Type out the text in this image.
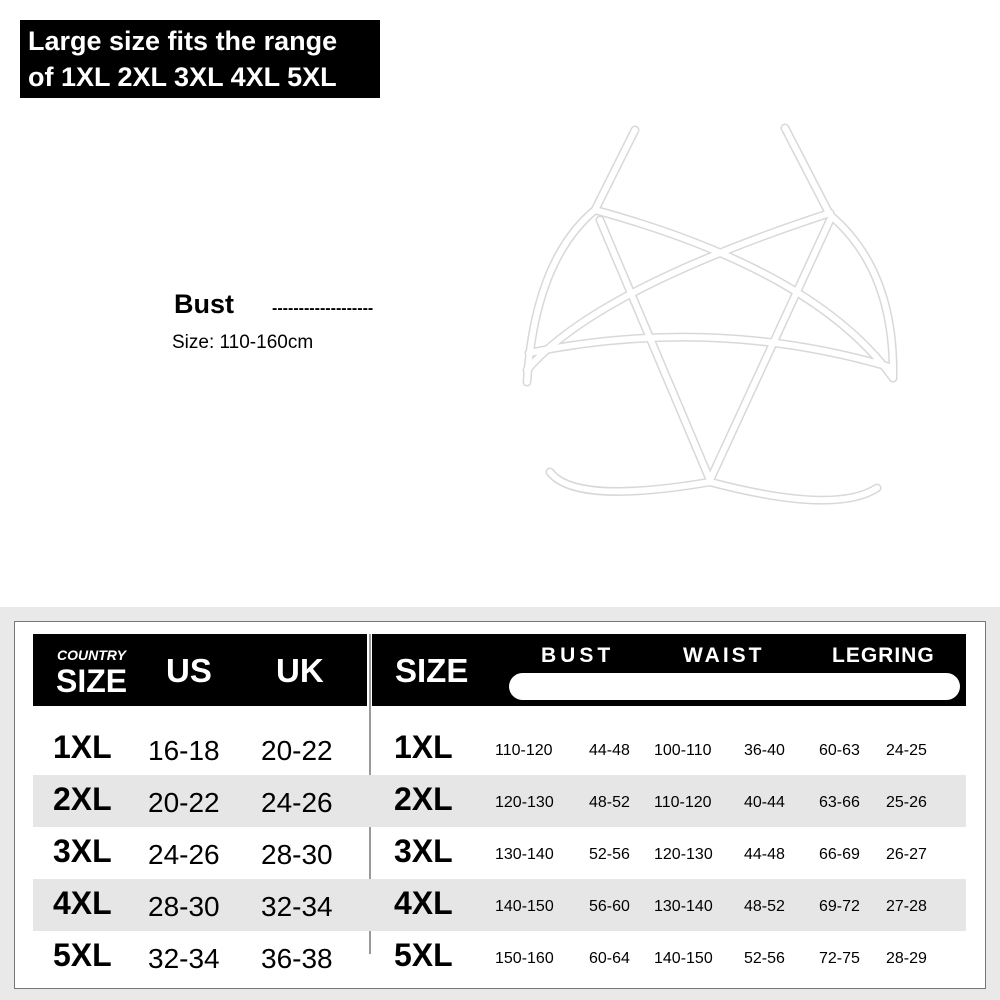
Large size fits the range
of 1XL 2XL 3XL 4XL 5XL
Bust -------------------
Size: 110-160cm
COUNTRY
SIZE US UK SIZE	BUST	WAIST	LEGRING
1XL 16-18 20-22 1XL	110-120 44-48 100-110 36-40 60-63 24-25
2XL 20-22 24-26 2XL	120-130 48-52 110-120 40-44 63-66 25-26
3XL 24-26 28-30 3XL	130-140 52-56 120-130 44-48 66-69 26-27
4XL 28-30 32-34 4XL	140-150 56-60 130-140 48-52 69-72 27-28
5XL 32-34 36-38 5XL	150-160 60-64 140-150 52-56 72-75 28-29
